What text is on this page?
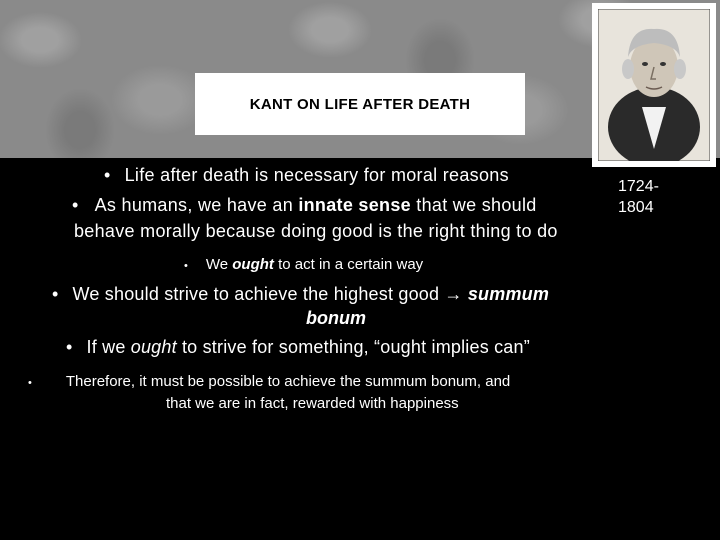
KANT ON LIFE AFTER DEATH
1724-
1804
• Life after death is necessary for moral reasons
• As humans, we have an innate sense that we should
behave morally because doing good is the right thing to do
• We ought to act in a certain way
• We should strive to achieve the highest good → summum
bonum
• If we ought to strive for something, “ought implies can”
• Therefore, it must be possible to achieve the summum bonum, and
that we are in fact, rewarded with happiness
